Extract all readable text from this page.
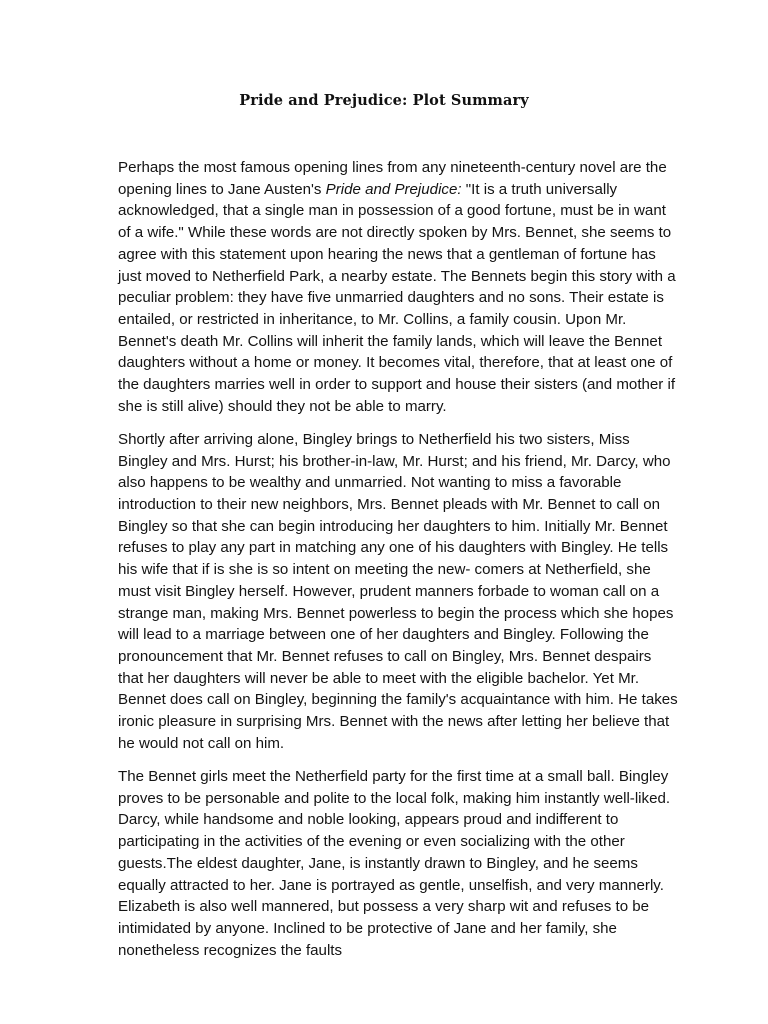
Pride and Prejudice: Plot Summary

Perhaps the most famous opening lines from any nineteenth-century novel are the opening lines to Jane Austen's Pride and Prejudice: "It is a truth universally acknowledged, that a single man in possession of a good fortune, must be in want of a wife." While these words are not directly spoken by Mrs. Bennet, she seems to agree with this statement upon hearing the news that a gentleman of fortune has just moved to Netherfield Park, a nearby estate. The Bennets begin this story with a peculiar problem: they have five unmarried daughters and no sons. Their estate is entailed, or restricted in inheritance, to Mr. Collins, a family cousin. Upon Mr. Bennet's death Mr. Collins will inherit the family lands, which will leave the Bennet daughters without a home or money. It becomes vital, therefore, that at least one of the daughters marries well in order to support and house their sisters (and mother if she is still alive) should they not be able to marry.

Shortly after arriving alone, Bingley brings to Netherfield his two sisters, Miss Bingley and Mrs. Hurst; his brother-in-law, Mr. Hurst; and his friend, Mr. Darcy, who also happens to be wealthy and unmarried. Not wanting to miss a favorable introduction to their new neighbors, Mrs. Bennet pleads with Mr. Bennet to call on Bingley so that she can begin introducing her daughters to him. Initially Mr. Bennet refuses to play any part in matching any one of his daughters with Bingley. He tells his wife that if is she is so intent on meeting the new- comers at Netherfield, she must visit Bingley herself. However, prudent manners forbade to woman call on a strange man, making Mrs. Bennet powerless to begin the process which she hopes will lead to a marriage between one of her daughters and Bingley. Following the pronouncement that Mr. Bennet refuses to call on Bingley, Mrs. Bennet despairs that her daughters will never be able to meet with the eligible bachelor. Yet Mr. Bennet does call on Bingley, beginning the family's acquaintance with him. He takes ironic pleasure in surprising Mrs. Bennet with the news after letting her believe that he would not call on him.

The Bennet girls meet the Netherfield party for the first time at a small ball. Bingley proves to be personable and polite to the local folk, making him instantly well-liked. Darcy, while handsome and noble looking, appears proud and indifferent to participating in the activities of the evening or even socializing with the other guests.The eldest daughter, Jane, is instantly drawn to Bingley, and he seems equally attracted to her. Jane is portrayed as gentle, unselfish, and very mannerly. Elizabeth is also well mannered, but possess a very sharp wit and refuses to be intimidated by anyone. Inclined to be protective of Jane and her family, she nonetheless recognizes the faults
